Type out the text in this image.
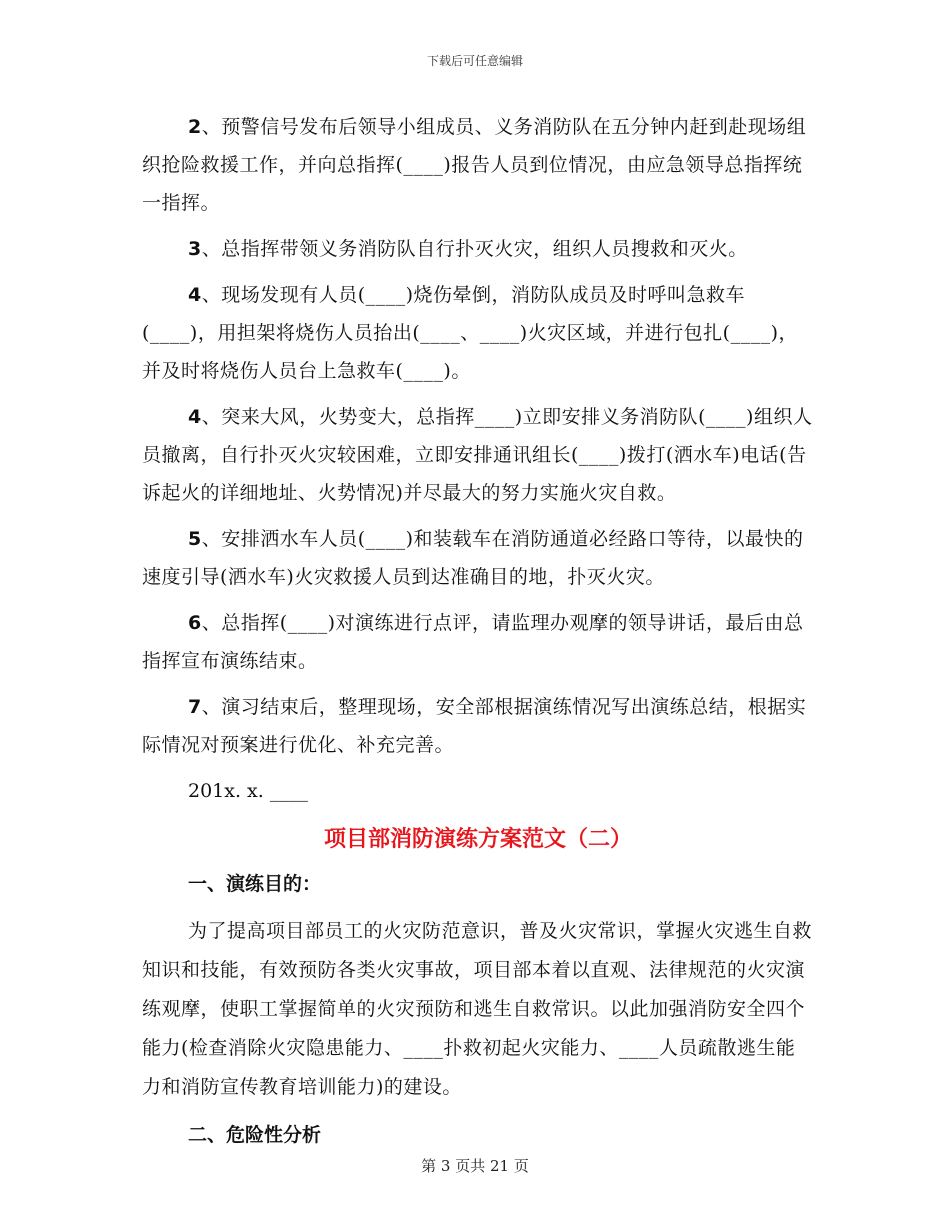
下载后可任意编辑

2、预警信号发布后领导小组成员、义务消防队在五分钟内赶到赴现场组织抢险救援工作，并向总指挥(____)报告人员到位情况，由应急领导总指挥统一指挥。

3、总指挥带领义务消防队自行扑灭火灾，组织人员搜救和灭火。

4、现场发现有人员(____)烧伤晕倒，消防队成员及时呼叫急救车(____)，用担架将烧伤人员抬出(____、____)火灾区域，并进行包扎(____)，并及时将烧伤人员台上急救车(____)。

4、突来大风，火势变大，总指挥____)立即安排义务消防队(____)组织人员撤离，自行扑灭火灾较困难，立即安排通讯组长(____)拨打(洒水车)电话(告诉起火的详细地址、火势情况)并尽最大的努力实施火灾自救。

5、安排洒水车人员(____)和装载车在消防通道必经路口等待，以最快的速度引导(洒水车)火灾救援人员到达准确目的地，扑灭火灾。

6、总指挥(____)对演练进行点评，请监理办观摩的领导讲话，最后由总指挥宣布演练结束。

7、演习结束后，整理现场，安全部根据演练情况写出演练总结，根据实际情况对预案进行优化、补充完善。

201x. x. ____

项目部消防演练方案范文（二）
一、演练目的：

为了提高项目部员工的火灾防范意识，普及火灾常识，掌握火灾逃生自救知识和技能，有效预防各类火灾事故，项目部本着以直观、法律规范的火灾演练观摩，使职工掌握简单的火灾预防和逃生自救常识。以此加强消防安全四个能力(检查消除火灾隐患能力、____扑救初起火灾能力、____人员疏散逃生能力和消防宣传教育培训能力)的建设。

二、危险性分析
第 3 页共 21 页
